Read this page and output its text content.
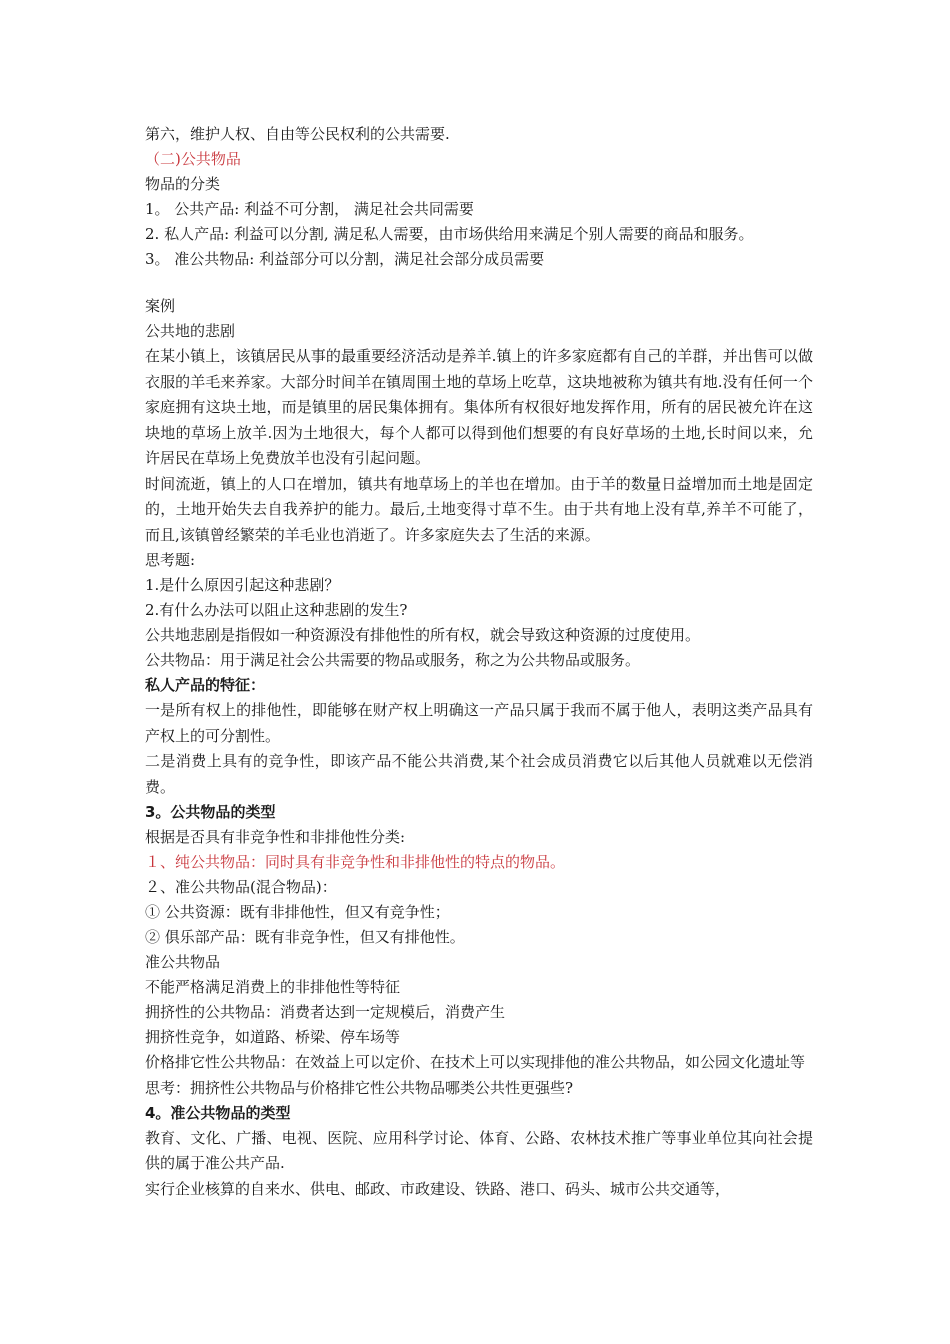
第六，维护人权、自由等公民权利的公共需要.
（二)公共物品
物品的分类
1。 公共产品: 利益不可分割， 满足社会共同需要
2. 私人产品: 利益可以分割, 满足私人需要，由市场供给用来满足个别人需要的商品和服务。
3。 准公共物品: 利益部分可以分割，满足社会部分成员需要
案例
公共地的悲剧

在某小镇上，该镇居民从事的最重要经济活动是养羊.镇上的许多家庭都有自己的羊群，并出售可以做衣服的羊毛来养家。大部分时间羊在镇周围土地的草场上吃草，这块地被称为镇共有地.没有任何一个家庭拥有这块土地，而是镇里的居民集体拥有。集体所有权很好地发挥作用，所有的居民被允许在这块地的草场上放羊.因为土地很大，每个人都可以得到他们想要的有良好草场的土地,长时间以来，允许居民在草场上免费放羊也没有引起问题。

时间流逝，镇上的人口在增加，镇共有地草场上的羊也在增加。由于羊的数量日益增加而土地是固定的，土地开始失去自我养护的能力。最后,土地变得寸草不生。由于共有地上没有草,养羊不可能了，而且,该镇曾经繁荣的羊毛业也消逝了。许多家庭失去了生活的来源。

思考题:
1.是什么原因引起这种悲剧？
2.有什么办法可以阻止这种悲剧的发生?
公共地悲剧是指假如一种资源没有排他性的所有权，就会导致这种资源的过度使用。
公共物品：用于满足社会公共需要的物品或服务，称之为公共物品或服务。
私人产品的特征：

一是所有权上的排他性，即能够在财产权上明确这一产品只属于我而不属于他人，表明这类产品具有产权上的可分割性。

二是消费上具有的竞争性，即该产品不能公共消费,某个社会成员消费它以后其他人员就难以无偿消费。

3。公共物品的类型
根据是否具有非竞争性和非排他性分类:
１、纯公共物品：同时具有非竞争性和非排他性的特点的物品。
２、准公共物品(混合物品)：
① 公共资源：既有非排他性，但又有竞争性；
② 俱乐部产品：既有非竞争性，但又有排他性。
准公共物品
不能严格满足消费上的非排他性等特征
拥挤性的公共物品：消费者达到一定规模后，消费产生
拥挤性竞争，如道路、桥梁、停车场等

价格排它性公共物品：在效益上可以定价、在技术上可以实现排他的准公共物品，如公园文化遗址等

思考：拥挤性公共物品与价格排它性公共物品哪类公共性更强些?
4。准公共物品的类型

教育、文化、广播、电视、医院、应用科学讨论、体育、公路、农林技术推广等事业单位其向社会提供的属于准公共产品.

实行企业核算的自来水、供电、邮政、市政建设、铁路、港口、码头、城市公共交通等，
